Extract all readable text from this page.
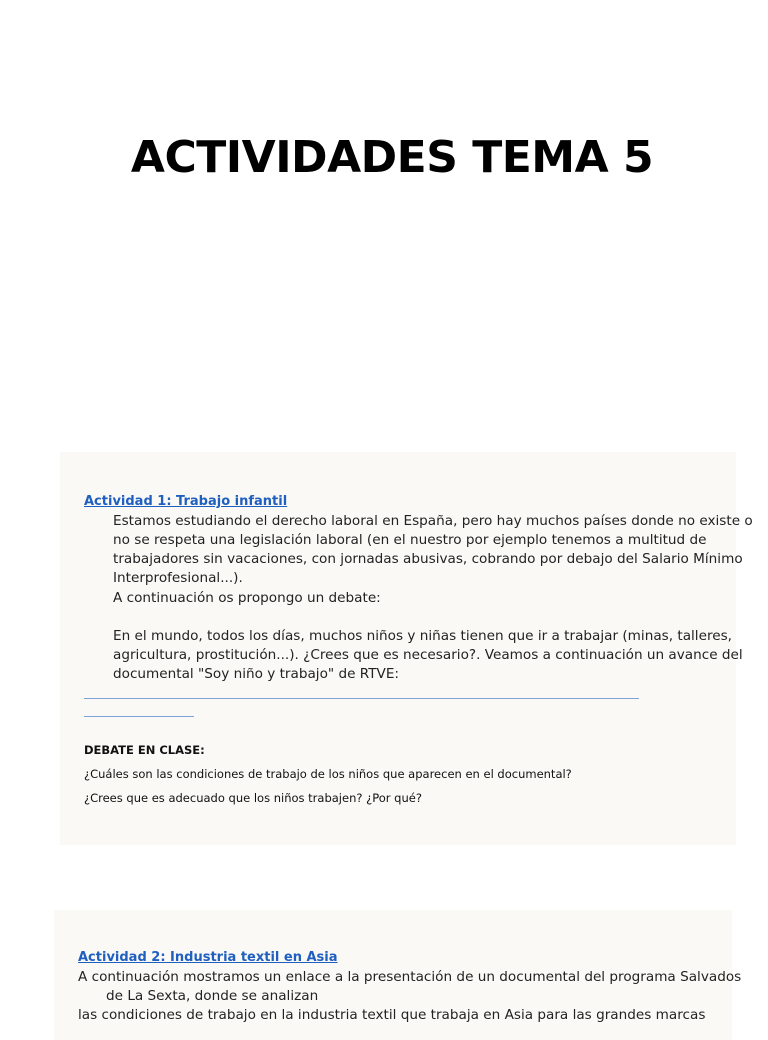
ACTIVIDADES TEMA 5
Actividad 1: Trabajo infantil
Estamos estudiando el derecho laboral en España, pero hay muchos países donde no existe o
no se respeta una legislación laboral (en el nuestro por ejemplo tenemos a multitud de
trabajadores sin vacaciones, con jornadas abusivas, cobrando por debajo del Salario Mínimo
Interprofesional...).
A continuación os propongo un debate:
En el mundo, todos los días, muchos niños y niñas tienen que ir a trabajar (minas, talleres,
agricultura, prostitución...). ¿Crees que es necesario?. Veamos a continuación un avance del
documental "Soy niño y trabajo" de RTVE:
DEBATE EN CLASE:
¿Cuáles son las condiciones de trabajo de los niños que aparecen en el documental?
¿Crees que es adecuado que los niños trabajen? ¿Por qué?
Actividad 2: Industria textil en Asia
A continuación mostramos un enlace a la presentación de un documental del programa Salvados
de La Sexta, donde se analizan
las condiciones de trabajo en la industria textil que trabaja en Asia para las grandes marcas
